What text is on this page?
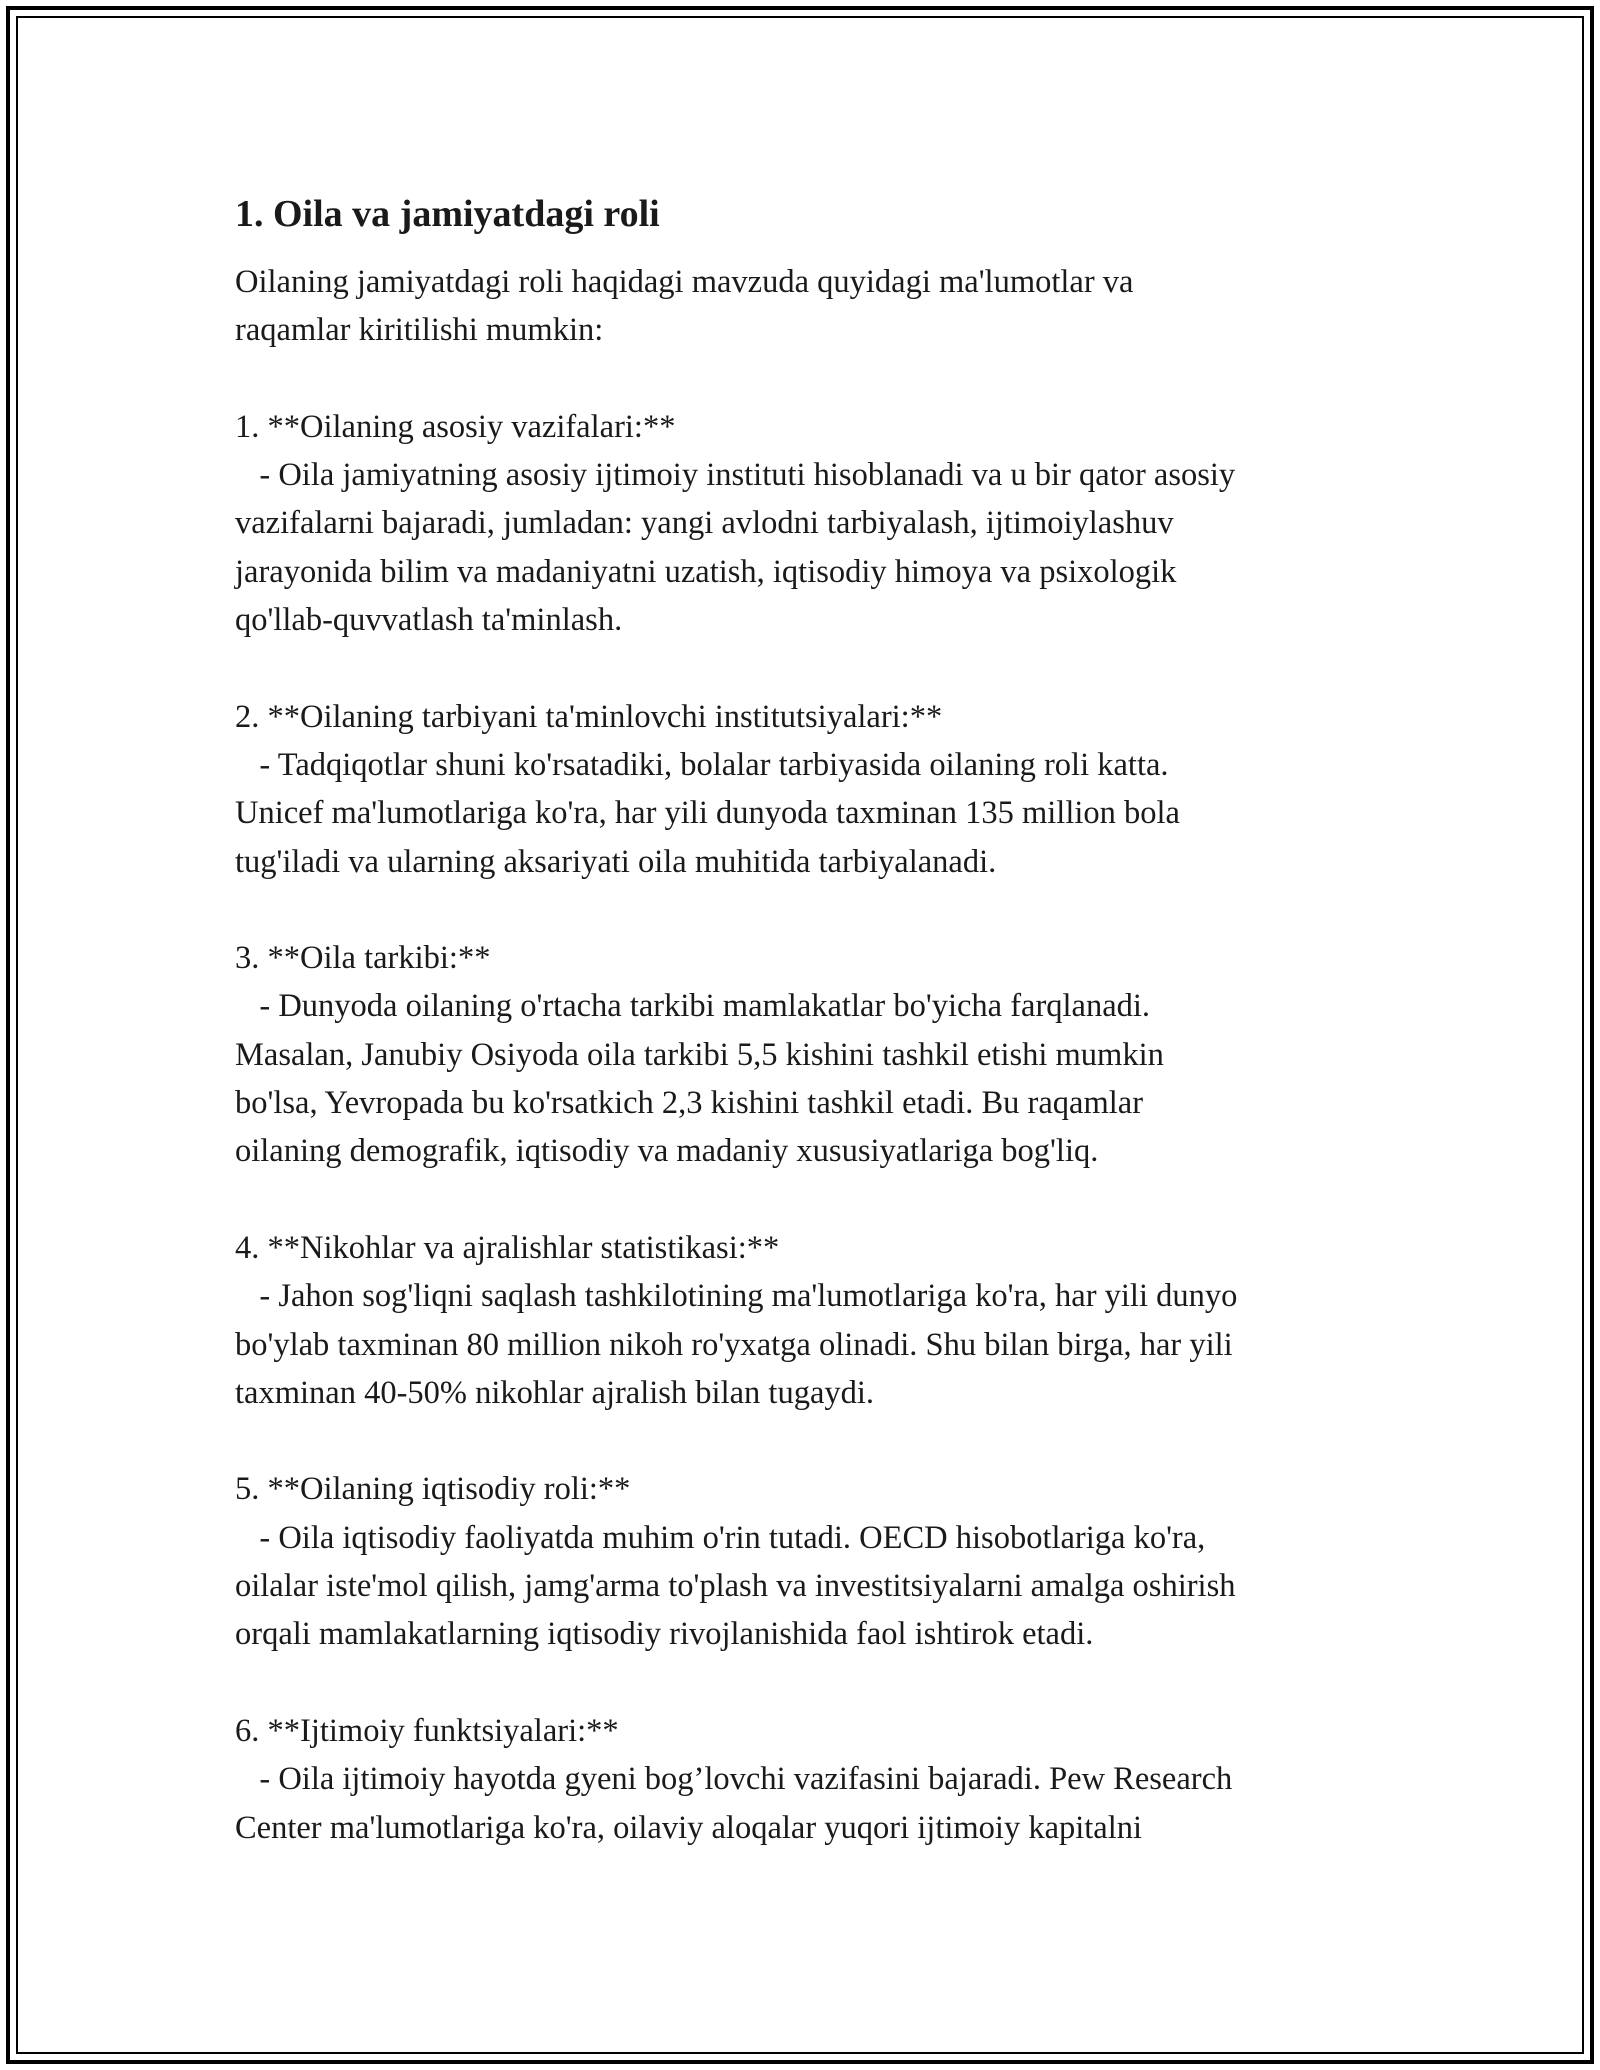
1. Oila va jamiyatdagi roli

Oilaning jamiyatdagi roli haqidagi mavzuda quyidagi ma'lumotlar va

raqamlar kiritilishi mumkin:

1. **Oilaning asosiy vazifalari:**

- Oila jamiyatning asosiy ijtimoiy instituti hisoblanadi va u bir qator asosiy

vazifalarni bajaradi, jumladan: yangi avlodni tarbiyalash, ijtimoiylashuv

jarayonida bilim va madaniyatni uzatish, iqtisodiy himoya va psixologik

qo'llab-quvvatlash ta'minlash.

2. **Oilaning tarbiyani ta'minlovchi institutsiyalari:**

- Tadqiqotlar shuni ko'rsatadiki, bolalar tarbiyasida oilaning roli katta.

Unicef ma'lumotlariga ko'ra, har yili dunyoda taxminan 135 million bola

tug'iladi va ularning aksariyati oila muhitida tarbiyalanadi.

3. **Oila tarkibi:**

- Dunyoda oilaning o'rtacha tarkibi mamlakatlar bo'yicha farqlanadi.

Masalan, Janubiy Osiyoda oila tarkibi 5,5 kishini tashkil etishi mumkin

bo'lsa, Yevropada bu ko'rsatkich 2,3 kishini tashkil etadi. Bu raqamlar

oilaning demografik, iqtisodiy va madaniy xususiyatlariga bog'liq.

4. **Nikohlar va ajralishlar statistikasi:**

- Jahon sog'liqni saqlash tashkilotining ma'lumotlariga ko'ra, har yili dunyo

bo'ylab taxminan 80 million nikoh ro'yxatga olinadi. Shu bilan birga, har yili

taxminan 40-50% nikohlar ajralish bilan tugaydi.

5. **Oilaning iqtisodiy roli:**

- Oila iqtisodiy faoliyatda muhim o'rin tutadi. OECD hisobotlariga ko'ra,

oilalar iste'mol qilish, jamg'arma to'plash va investitsiyalarni amalga oshirish

orqali mamlakatlarning iqtisodiy rivojlanishida faol ishtirok etadi.

6. **Ijtimoiy funktsiyalari:**

- Oila ijtimoiy hayotda gyeni bog’lovchi vazifasini bajaradi. Pew Research

Center ma'lumotlariga ko'ra, oilaviy aloqalar yuqori ijtimoiy kapitalni
